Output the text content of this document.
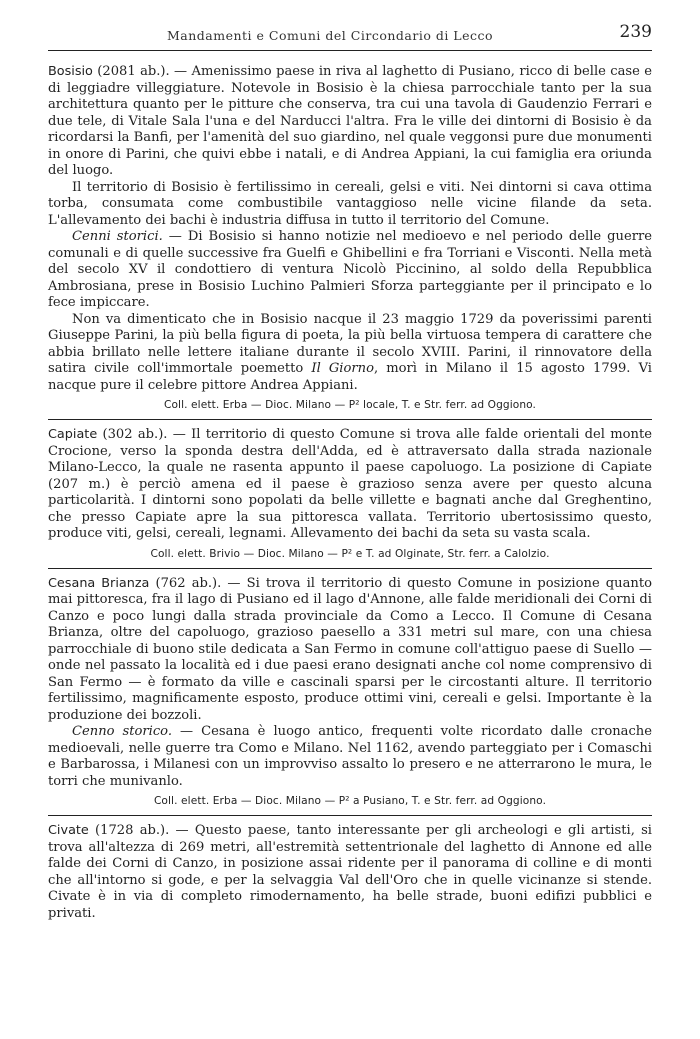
Mandamenti e Comuni del Circondario di Lecco	239

Bosisio (2081 ab.). — Amenissimo paese in riva al laghetto di Pusiano, ricco di belle case e di leggiadre villeggiature. Notevole in Bosisio è la chiesa parrocchiale tanto per la sua architettura quanto per le pitture che conserva, tra cui una tavola di Gaudenzio Ferrari e due tele, di Vitale Sala l'una e del Narducci l'altra. Fra le ville dei dintorni di Bosisio è da ricordarsi la Banfi, per l'amenità del suo giardino, nel quale veggonsi pure due monumenti in onore di Parini, che quivi ebbe i natali, e di Andrea Appiani, la cui famiglia era oriunda del luogo.

Il territorio di Bosisio è fertilissimo in cereali, gelsi e viti. Nei dintorni si cava ottima torba, consumata come combustibile vantaggioso nelle vicine filande da seta. L'allevamento dei bachi è industria diffusa in tutto il territorio del Comune.

Cenni storici. — Di Bosisio si hanno notizie nel medioevo e nel periodo delle guerre comunali e di quelle successive fra Guelfi e Ghibellini e fra Torriani e Visconti. Nella metà del secolo XV il condottiero di ventura Nicolò Piccinino, al soldo della Repubblica Ambrosiana, prese in Bosisio Luchino Palmieri Sforza parteggiante per il principato e lo fece impiccare.

Non va dimenticato che in Bosisio nacque il 23 maggio 1729 da poverissimi parenti Giuseppe Parini, la più bella figura di poeta, la più bella virtuosa tempera di carattere che abbia brillato nelle lettere italiane durante il secolo XVIII. Parini, il rinnovatore della satira civile coll'immortale poemetto Il Giorno, morì in Milano il 15 agosto 1799. Vi nacque pure il celebre pittore Andrea Appiani.

Coll. elett. Erba — Dioc. Milano — P² locale, T. e Str. ferr. ad Oggiono.

Capiate (302 ab.). — Il territorio di questo Comune si trova alle falde orientali del monte Crocione, verso la sponda destra dell'Adda, ed è attraversato dalla strada nazionale Milano-Lecco, la quale ne rasenta appunto il paese capoluogo. La posizione di Capiate (207 m.) è perciò amena ed il paese è grazioso senza avere per questo alcuna particolarità. I dintorni sono popolati da belle villette e bagnati anche dal Greghentino, che presso Capiate apre la sua pittoresca vallata. Territorio ubertosissimo questo, produce viti, gelsi, cereali, legnami. Allevamento dei bachi da seta su vasta scala.

Coll. elett. Brivio — Dioc. Milano — P² e T. ad Olginate, Str. ferr. a Calolzio.

Cesana Brianza (762 ab.). — Si trova il territorio di questo Comune in posizione quanto mai pittoresca, fra il lago di Pusiano ed il lago d'Annone, alle falde meridionali dei Corni di Canzo e poco lungi dalla strada provinciale da Como a Lecco. Il Comune di Cesana Brianza, oltre del capoluogo, grazioso paesello a 331 metri sul mare, con una chiesa parrocchiale di buono stile dedicata a San Fermo in comune coll'attiguo paese di Suello — onde nel passato la località ed i due paesi erano designati anche col nome comprensivo di San Fermo — è formato da ville e cascinali sparsi per le circostanti alture. Il territorio fertilissimo, magnificamente esposto, produce ottimi vini, cereali e gelsi. Importante è la produzione dei bozzoli.

Cenno storico. — Cesana è luogo antico, frequenti volte ricordato dalle cronache medioevali, nelle guerre tra Como e Milano. Nel 1162, avendo parteggiato per i Comaschi e Barbarossa, i Milanesi con un improvviso assalto lo presero e ne atterrarono le mura, le torri che munivanlo.

Coll. elett. Erba — Dioc. Milano — P² a Pusiano, T. e Str. ferr. ad Oggiono.

Civate (1728 ab.). — Questo paese, tanto interessante per gli archeologi e gli artisti, si trova all'altezza di 269 metri, all'estremità settentrionale del laghetto di Annone ed alle falde dei Corni di Canzo, in posizione assai ridente per il panorama di colline e di monti che all'intorno si gode, e per la selvaggia Val dell'Oro che in quelle vicinanze si stende. Civate è in via di completo rimodernamento, ha belle strade, buoni edifizi pubblici e privati.
